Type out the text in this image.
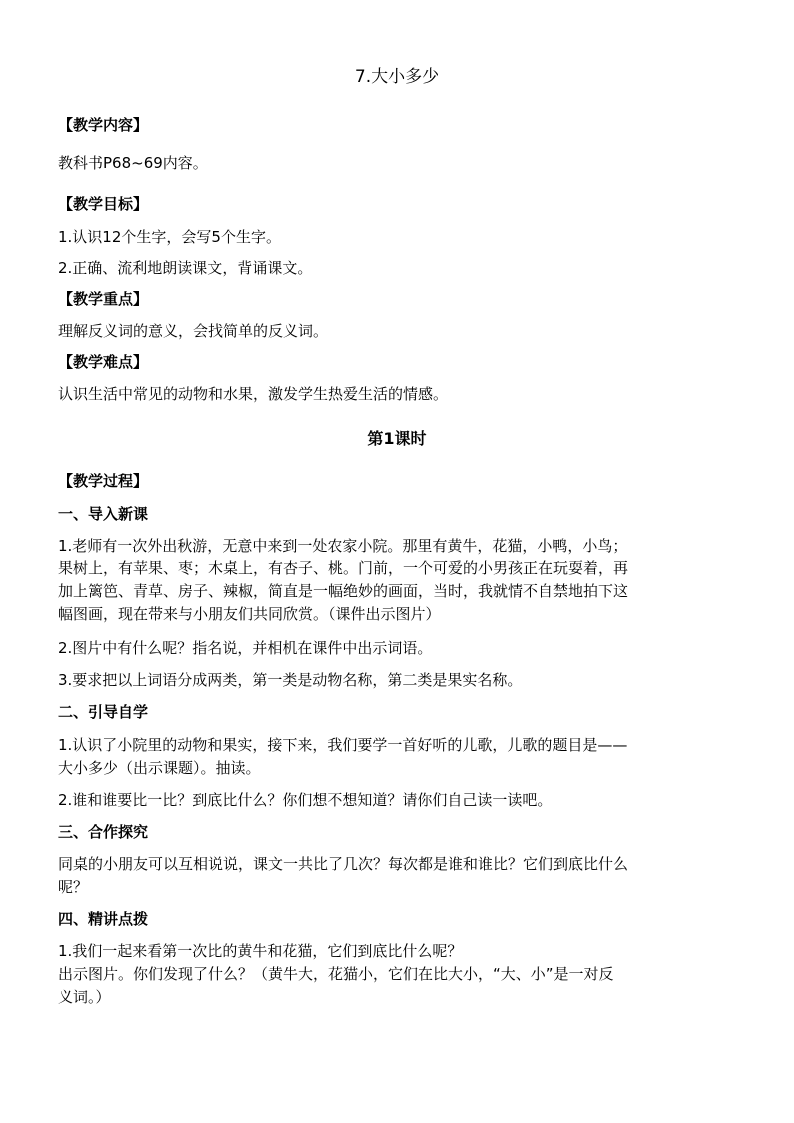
7.大小多少
【教学内容】
教科书P68~69内容。
【教学目标】
1.认识12个生字，会写5个生字。
2.正确、流利地朗读课文，背诵课文。
【教学重点】
理解反义词的意义，会找简单的反义词。
【教学难点】
认识生活中常见的动物和水果，激发学生热爱生活的情感。
第1课时
【教学过程】
一、导入新课
1.老师有一次外出秋游，无意中来到一处农家小院。那里有黄牛，花猫，小鸭，小鸟；
果树上，有苹果、枣；木桌上，有杏子、桃。门前，一个可爱的小男孩正在玩耍着，再
加上篱笆、青草、房子、辣椒，简直是一幅绝妙的画面，当时，我就情不自禁地拍下这
幅图画，现在带来与小朋友们共同欣赏。（课件出示图片）
2.图片中有什么呢？指名说，并相机在课件中出示词语。
3.要求把以上词语分成两类，第一类是动物名称，第二类是果实名称。
二、引导自学
1.认识了小院里的动物和果实，接下来，我们要学一首好听的儿歌，儿歌的题目是——
大小多少（出示课题）。抽读。
2.谁和谁要比一比？到底比什么？你们想不想知道？请你们自己读一读吧。
三、合作探究
同桌的小朋友可以互相说说，课文一共比了几次？每次都是谁和谁比？它们到底比什么
呢？
四、精讲点拨
1.我们一起来看第一次比的黄牛和花猫，它们到底比什么呢？
出示图片。你们发现了什么？（黄牛大，花猫小，它们在比大小，“大、小”是一对反
义词。）
